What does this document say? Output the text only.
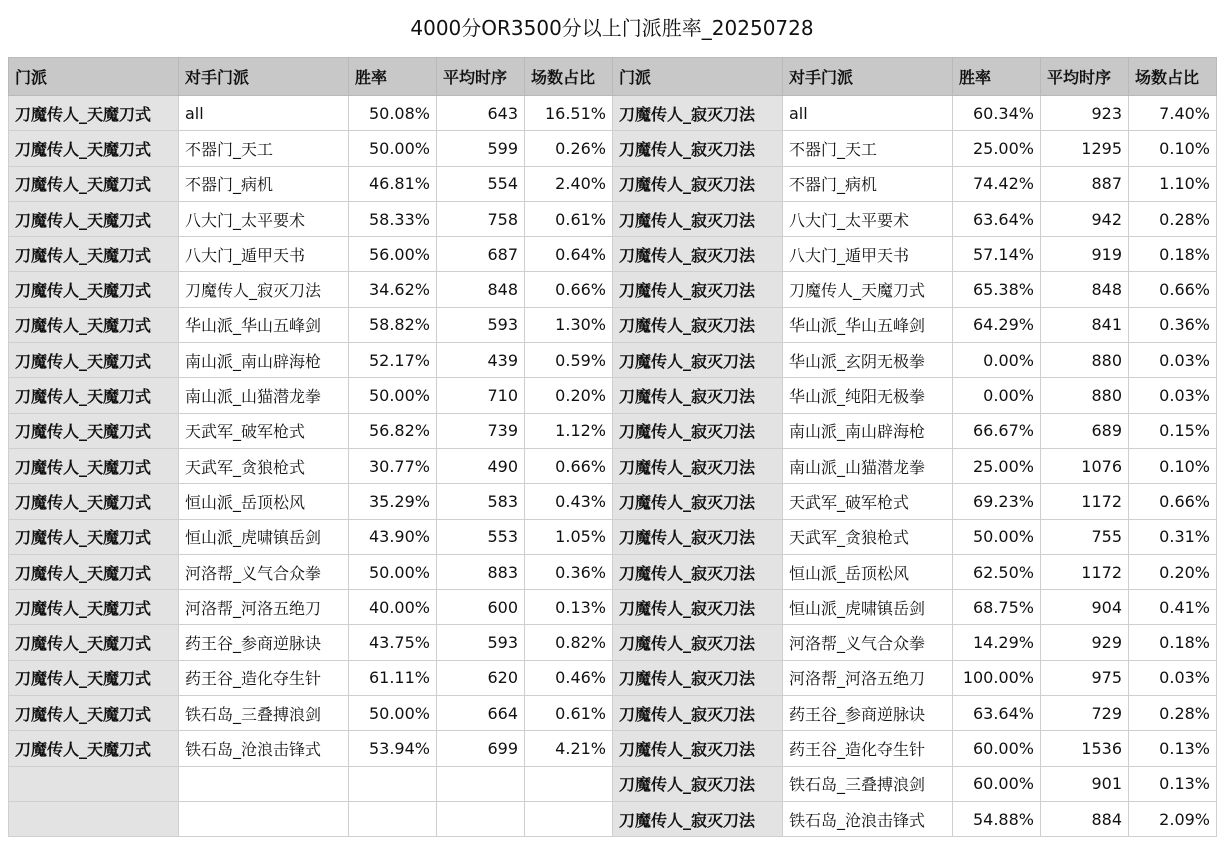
4000分OR3500分以上门派胜率_20250728
门派	对手门派	胜率	平均时序	场数占比	门派	对手门派	胜率	平均时序	场数占比
刀魔传人_天魔刀式	all	50.08%	643	16.51%	刀魔传人_寂灭刀法	all	60.34%	923	7.40%
刀魔传人_天魔刀式	不器门_天工	50.00%	599	0.26%	刀魔传人_寂灭刀法	不器门_天工	25.00%	1295	0.10%
刀魔传人_天魔刀式	不器门_病机	46.81%	554	2.40%	刀魔传人_寂灭刀法	不器门_病机	74.42%	887	1.10%
刀魔传人_天魔刀式	八大门_太平要术	58.33%	758	0.61%	刀魔传人_寂灭刀法	八大门_太平要术	63.64%	942	0.28%
刀魔传人_天魔刀式	八大门_遁甲天书	56.00%	687	0.64%	刀魔传人_寂灭刀法	八大门_遁甲天书	57.14%	919	0.18%
刀魔传人_天魔刀式	刀魔传人_寂灭刀法	34.62%	848	0.66%	刀魔传人_寂灭刀法	刀魔传人_天魔刀式	65.38%	848	0.66%
刀魔传人_天魔刀式	华山派_华山五峰剑	58.82%	593	1.30%	刀魔传人_寂灭刀法	华山派_华山五峰剑	64.29%	841	0.36%
刀魔传人_天魔刀式	南山派_南山辟海枪	52.17%	439	0.59%	刀魔传人_寂灭刀法	华山派_玄阴无极拳	0.00%	880	0.03%
刀魔传人_天魔刀式	南山派_山猫潜龙拳	50.00%	710	0.20%	刀魔传人_寂灭刀法	华山派_纯阳无极拳	0.00%	880	0.03%
刀魔传人_天魔刀式	天武军_破军枪式	56.82%	739	1.12%	刀魔传人_寂灭刀法	南山派_南山辟海枪	66.67%	689	0.15%
刀魔传人_天魔刀式	天武军_贪狼枪式	30.77%	490	0.66%	刀魔传人_寂灭刀法	南山派_山猫潜龙拳	25.00%	1076	0.10%
刀魔传人_天魔刀式	恒山派_岳顶松风	35.29%	583	0.43%	刀魔传人_寂灭刀法	天武军_破军枪式	69.23%	1172	0.66%
刀魔传人_天魔刀式	恒山派_虎啸镇岳剑	43.90%	553	1.05%	刀魔传人_寂灭刀法	天武军_贪狼枪式	50.00%	755	0.31%
刀魔传人_天魔刀式	河洛帮_义气合众拳	50.00%	883	0.36%	刀魔传人_寂灭刀法	恒山派_岳顶松风	62.50%	1172	0.20%
刀魔传人_天魔刀式	河洛帮_河洛五绝刀	40.00%	600	0.13%	刀魔传人_寂灭刀法	恒山派_虎啸镇岳剑	68.75%	904	0.41%
刀魔传人_天魔刀式	药王谷_参商逆脉诀	43.75%	593	0.82%	刀魔传人_寂灭刀法	河洛帮_义气合众拳	14.29%	929	0.18%
刀魔传人_天魔刀式	药王谷_造化夺生针	61.11%	620	0.46%	刀魔传人_寂灭刀法	河洛帮_河洛五绝刀	100.00%	975	0.03%
刀魔传人_天魔刀式	铁石岛_三叠搏浪剑	50.00%	664	0.61%	刀魔传人_寂灭刀法	药王谷_参商逆脉诀	63.64%	729	0.28%
刀魔传人_天魔刀式	铁石岛_沧浪击锋式	53.94%	699	4.21%	刀魔传人_寂灭刀法	药王谷_造化夺生针	60.00%	1536	0.13%
					刀魔传人_寂灭刀法	铁石岛_三叠搏浪剑	60.00%	901	0.13%
					刀魔传人_寂灭刀法	铁石岛_沧浪击锋式	54.88%	884	2.09%
